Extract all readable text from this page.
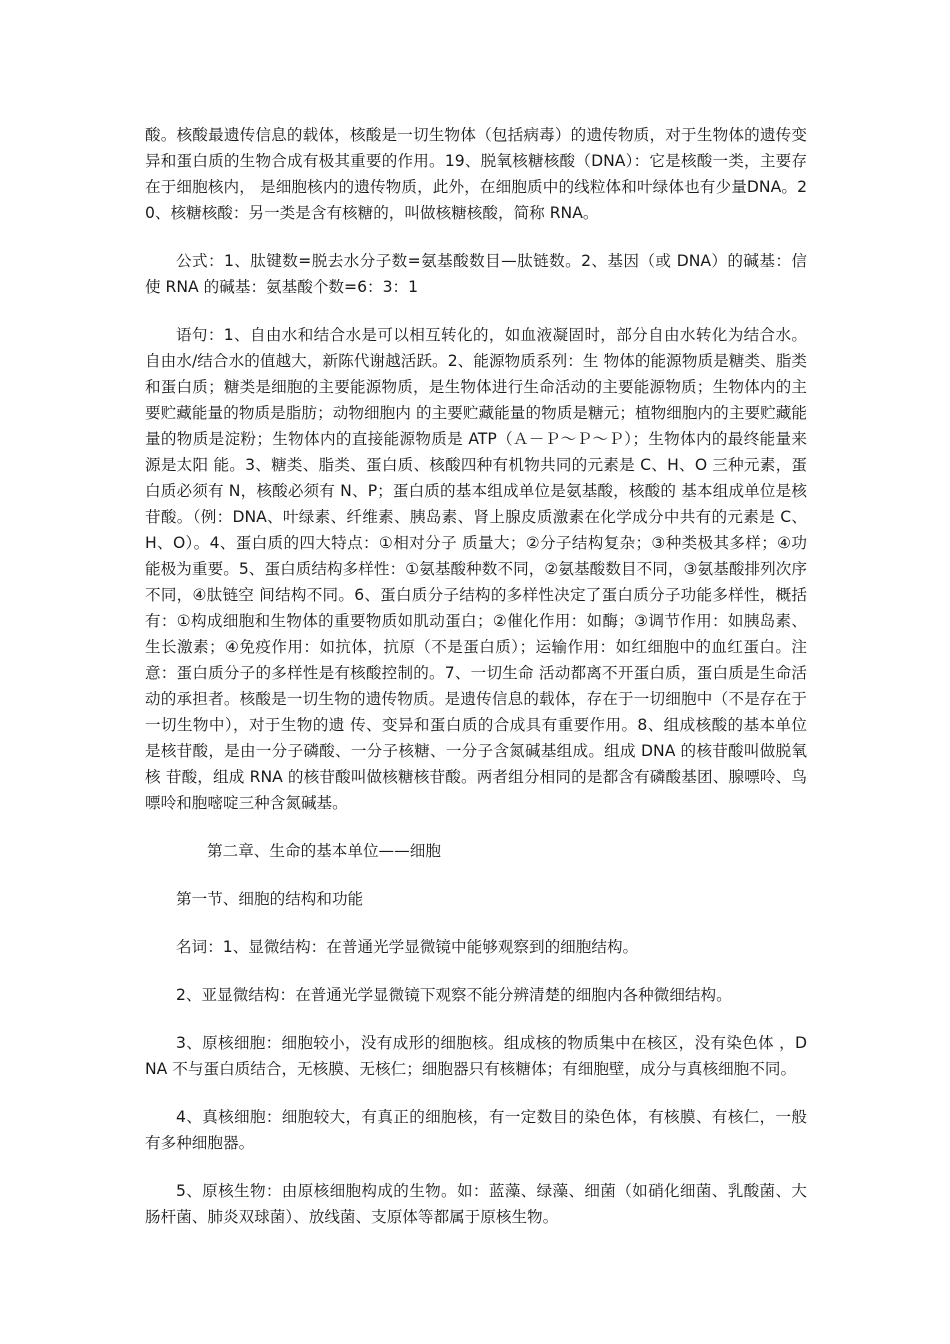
酸。核酸最遗传信息的载体，核酸是一切生物体（包括病毒）的遗传物质，对于生物体的遗传变异和蛋白质的生物合成有极其重要的作用。19、脱氧核糖核酸（DNA）：它是核酸一类，主要存在于细胞核内， 是细胞核内的遗传物质，此外，在细胞质中的线粒体和叶绿体也有少量DNA。20、核糖核酸：另一类是含有核糖的，叫做核糖核酸，简称 RNA。

公式：1、肽键数=脱去水分子数=氨基酸数目—肽链数。2、基因（或 DNA）的碱基：信使 RNA 的碱基：氨基酸个数=6：3：1

语句：1、自由水和结合水是可以相互转化的，如血液凝固时，部分自由水转化为结合水。自由水/结合水的值越大，新陈代谢越活跃。2、能源物质系列：生 物体的能源物质是糖类、脂类和蛋白质；糖类是细胞的主要能源物质，是生物体进行生命活动的主要能源物质；生物体内的主要贮藏能量的物质是脂肪；动物细胞内 的主要贮藏能量的物质是糖元；植物细胞内的主要贮藏能量的物质是淀粉；生物体内的直接能源物质是 ATP（Ａ－Ｐ～Ｐ～Ｐ）；生物体内的最终能量来源是太阳 能。3、糖类、脂类、蛋白质、核酸四种有机物共同的元素是 C、H、O 三种元素，蛋白质必须有 N，核酸必须有 N、P；蛋白质的基本组成单位是氨基酸，核酸的 基本组成单位是核苷酸。（例：DNA、叶绿素、纤维素、胰岛素、肾上腺皮质激素在化学成分中共有的元素是 C、H、O）。4、蛋白质的四大特点：①相对分子 质量大；②分子结构复杂；③种类极其多样；④功能极为重要。5、蛋白质结构多样性：①氨基酸种数不同，②氨基酸数目不同，③氨基酸排列次序不同，④肽链空 间结构不同。6、蛋白质分子结构的多样性决定了蛋白质分子功能多样性，概括有：①构成细胞和生物体的重要物质如肌动蛋白；②催化作用：如酶；③调节作用：如胰岛素、生长激素；④免疫作用：如抗体，抗原（不是蛋白质）；运输作用：如红细胞中的血红蛋白。注意：蛋白质分子的多样性是有核酸控制的。7、一切生命 活动都离不开蛋白质，蛋白质是生命活动的承担者。核酸是一切生物的遗传物质。是遗传信息的载体，存在于一切细胞中（不是存在于一切生物中），对于生物的遗 传、变异和蛋白质的合成具有重要作用。8、组成核酸的基本单位是核苷酸，是由一分子磷酸、一分子核糖、一分子含氮碱基组成。组成 DNA 的核苷酸叫做脱氧核 苷酸，组成 RNA 的核苷酸叫做核糖核苷酸。两者组分相同的是都含有磷酸基团、腺嘌呤、鸟嘌呤和胞嘧啶三种含氮碱基。

第二章、生命的基本单位——细胞

第一节、细胞的结构和功能

名词：1、显微结构：在普通光学显微镜中能够观察到的细胞结构。

2、亚显微结构：在普通光学显微镜下观察不能分辨清楚的细胞内各种微细结构。

3、原核细胞：细胞较小，没有成形的细胞核。组成核的物质集中在核区，没有染色体 ，DNA 不与蛋白质结合，无核膜、无核仁；细胞器只有核糖体；有细胞壁，成分与真核细胞不同。

4、真核细胞：细胞较大，有真正的细胞核，有一定数目的染色体，有核膜、有核仁，一般有多种细胞器。

5、原核生物：由原核细胞构成的生物。如：蓝藻、绿藻、细菌（如硝化细菌、乳酸菌、大肠杆菌、肺炎双球菌）、放线菌、支原体等都属于原核生物。
